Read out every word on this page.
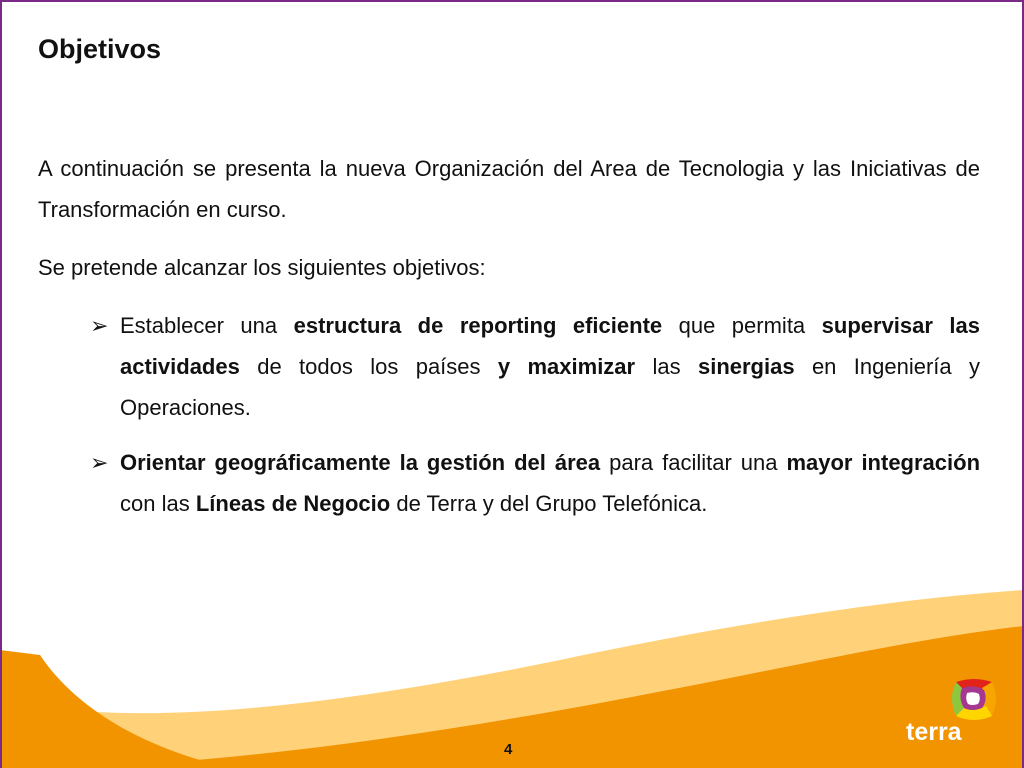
Objetivos

A continuación se presenta la nueva Organización del Area de Tecnologia y las Iniciativas de Transformación en curso.

Se pretende alcanzar los siguientes objetivos:

➢ Establecer una estructura de reporting eficiente que permita supervisar las actividades de todos los países y maximizar las sinergias en Ingeniería y Operaciones.
➢ Orientar geográficamente la gestión del área para facilitar una mayor integración con las Líneas de Negocio de Terra y del Grupo Telefónica.
terra
4
